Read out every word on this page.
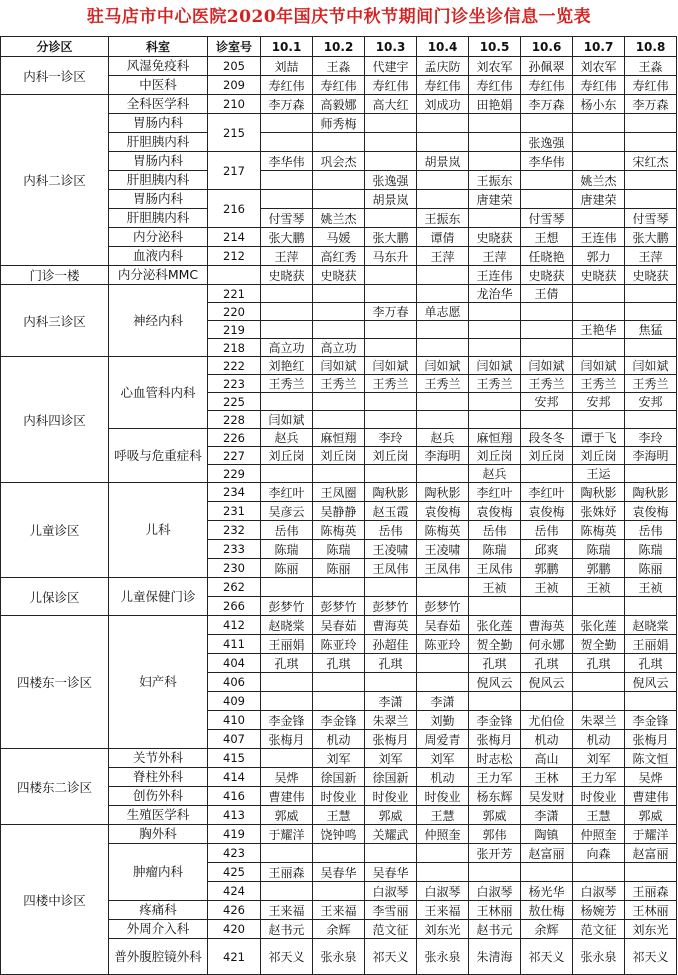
驻马店市中心医院2020年国庆节中秋节期间门诊坐诊信息一览表
分诊区	科室	诊室号	10.1	10.2	10.3	10.4	10.5	10.6	10.7	10.8
内科一诊区	风湿免疫科	205	刘喆	王淼	代建宇	孟庆防	刘农军	孙佩翠	刘农军	王淼
	中医科	209	寿红伟	寿红伟	寿红伟	寿红伟	寿红伟	寿红伟	寿红伟	寿红伟
内科二诊区	全科医学科	210	李万森	高毅娜	高大红	刘成功	田艳娟	李万森	杨小东	李万森
	胃肠内科	215		师秀梅						
	肝胆胰内科							张逸强		
	胃肠内科	217	李华伟	巩会杰		胡景岚		李华伟		宋红杰
	肝胆胰内科				张逸强		王振东		姚兰杰	
	胃肠内科	216			胡景岚		唐建荣		唐建荣	
	肝胆胰内科		付雪琴	姚兰杰		王振东		付雪琴		付雪琴
	内分泌科	214	张大鹏	马媛	张大鹏	谭倩	史晓获	王想	王连伟	张大鹏
	血液内科	212	王萍	高红秀	马东升	王萍	王萍	任晓艳	郭力	王萍
门诊一楼	内分泌科MMC		史晓获	史晓获			王连伟	史晓获	史晓获	史晓获
内科三诊区	神经内科	221					龙治华	王倩		
		220			李万春	单志愿				
		219							王艳华	焦猛
		218	高立功	高立功						
内科四诊区	心血管科内科	222	刘艳红	闫如斌	闫如斌	闫如斌	闫如斌	闫如斌	闫如斌	闫如斌
		223	王秀兰	王秀兰	王秀兰	王秀兰	王秀兰	王秀兰	王秀兰	王秀兰
		225						安邦	安邦	安邦
		228	闫如斌							
	呼吸与危重症科	226	赵兵	麻恒翔	李玲	赵兵	麻恒翔	段冬冬	谭于飞	李玲
		227	刘丘岗	刘丘岗	刘丘岗	李海明	刘丘岗	刘丘岗	刘丘岗	李海明
		229					赵兵		王运	
儿童诊区	儿科	234	李红叶	王凤圈	陶秋影	陶秋影	李红叶	李红叶	陶秋影	陶秋影
		231	吴彦云	吴静静	赵玉霞	袁俊梅	袁俊梅	袁俊梅	张姝妤	袁俊梅
		232	岳伟	陈梅英	岳伟	陈梅英	岳伟	岳伟	陈梅英	岳伟
		233	陈瑞	陈瑞	王凌啸	王凌啸	陈瑞	邱爽	陈瑞	陈瑞
		230	陈丽	陈丽	王凤伟	王凤伟	王凤伟	郭鹏	郭鹏	陈丽
儿保诊区	儿童保健门诊	262					王祯	王祯	王祯	王祯
		266	彭梦竹	彭梦竹	彭梦竹	彭梦竹				
四楼东一诊区	妇产科	412	赵晓棠	吴春茹	曹海英	吴春茹	张化莲	曹海英	张化莲	赵晓棠
		411	王丽娟	陈亚玲	孙超佳	陈亚玲	贺全勤	何永娜	贺全勤	王丽娟
		404	孔琪	孔琪	孔琪		孔琪	孔琪	孔琪	孔琪
		406					倪风云	倪风云		倪风云
		409			李潇	李潇				
		410	李金锋	李金锋	朱翠兰	刘勤	李金锋	尤伯俭	朱翠兰	李金锋
		407	张梅月	机动	张梅月	周爱青	张梅月	机动	机动	张梅月
四楼东二诊区	关节外科	415		刘军	刘军	刘军	时志松	高山	刘军	陈文恒
	脊柱外科	414	吴烨	徐国新	徐国新	机动	王力军	王林	王力军	吴烨
	创伤外科	416	曹建伟	时俊业	时俊业	时俊业	杨东辉	吴发财	时俊业	曹建伟
	生殖医学科	413	郭威	王慧	郭威	王慧	郭威	李潇	王慧	郭威
四楼中诊区	胸外科	419	于耀洋	饶钟鸣	关耀武	仲照奎	郭伟	陶镇	仲照奎	于耀洋
	肿瘤内科	423					张开芳	赵富丽	向森	赵富丽
		425	王丽森	吴春华	吴春华					
		424			白淑琴	白淑琴	白淑琴	杨光华	白淑琴	王丽森
	疼痛科	426	王来福	王来福	李雪丽	王来福	王林丽	敖仕梅	杨婉芳	王林丽
	外周介入科	420	赵书元	余辉	范文征	刘东光	赵书元	余辉	范文征	刘东光
	普外腹腔镜外科	421	祁天义	张永泉	祁天义	张永泉	朱清海	祁天义	张永泉	祁天义
